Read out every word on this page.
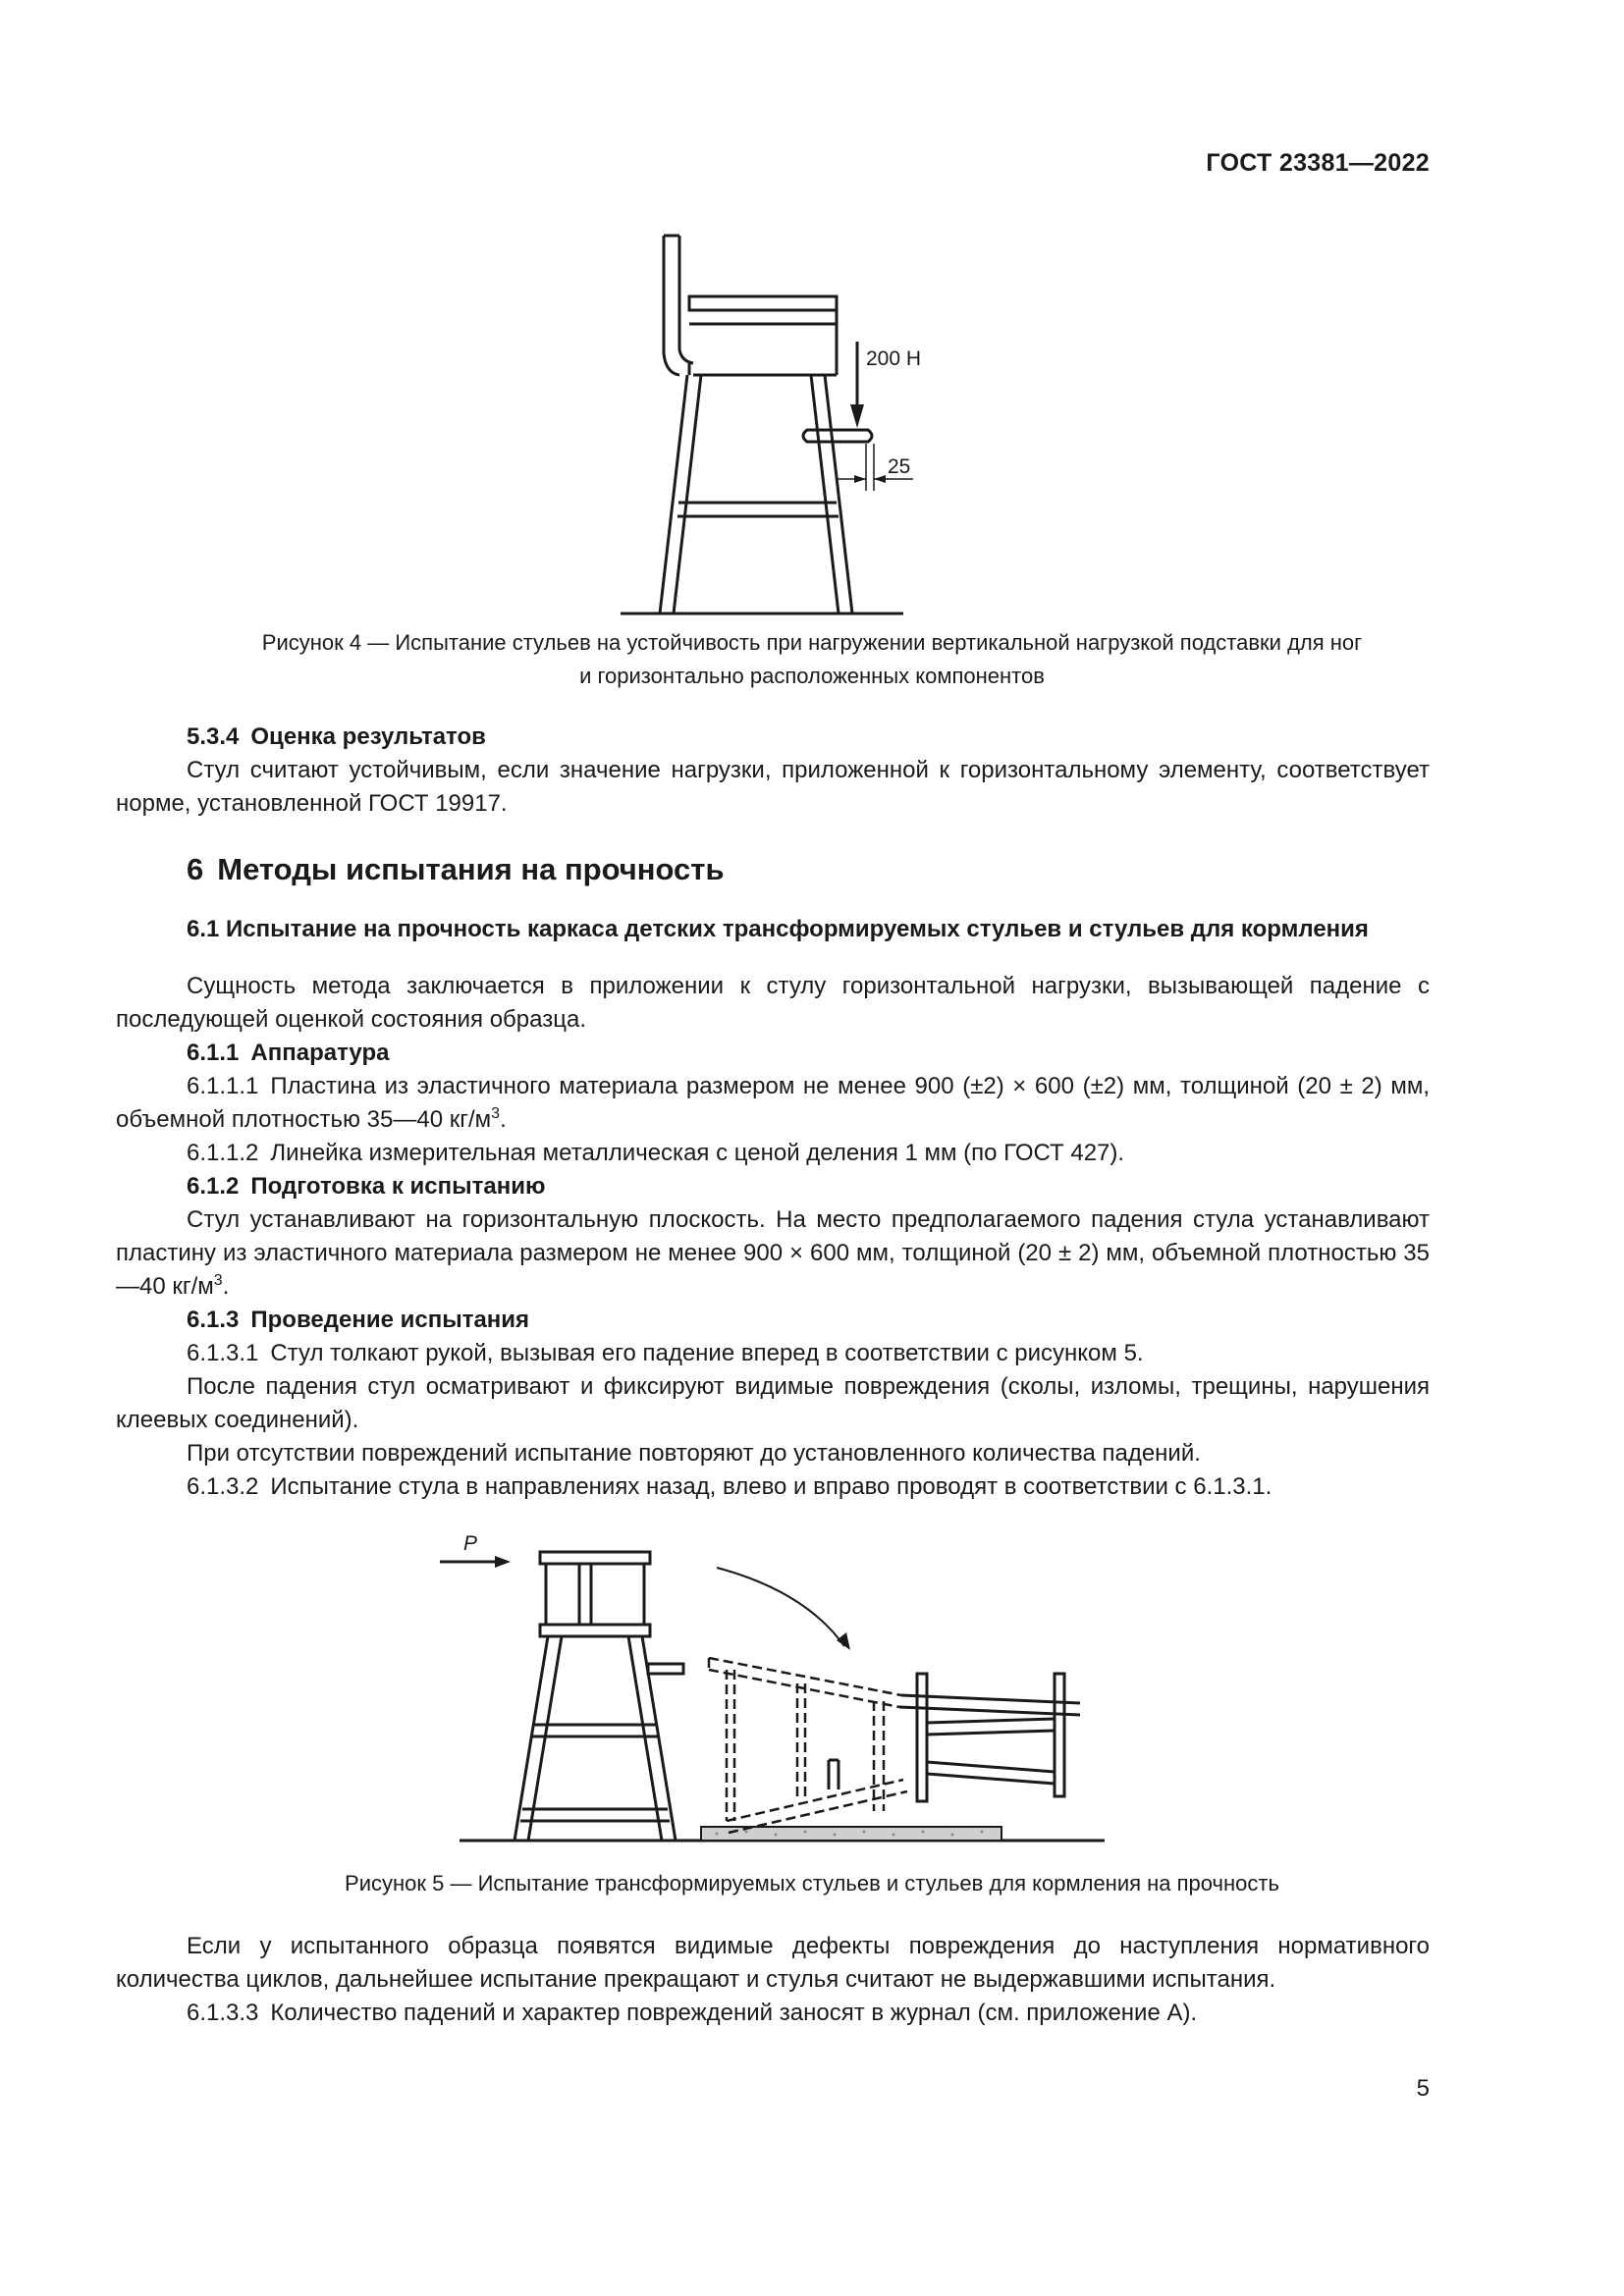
ГОСТ 23381—2022
200 Н
25
Рисунок 4 — Испытание стульев на устойчивость при нагружении вертикальной нагрузкой подставки для ног
и горизонтально расположенных компонентов

5.3.4 Оценка результатов

Стул считают устойчивым, если значение нагрузки, приложенной к горизонтальному элементу, соответствует норме, установленной ГОСТ 19917.

6 Методы испытания на прочность

6.1 Испытание на прочность каркаса детских трансформируемых стульев и стульев для кормления

Сущность метода заключается в приложении к стулу горизонтальной нагрузки, вызывающей падение с последующей оценкой состояния образца.

6.1.1 Аппаратура

6.1.1.1 Пластина из эластичного материала размером не менее 900 (±2) × 600 (±2) мм, толщиной (20 ± 2) мм, объемной плотностью 35—40 $кг/м^3$.

6.1.1.2 Линейка измерительная металлическая с ценой деления 1 мм (по ГОСТ 427).

6.1.2 Подготовка к испытанию

Стул устанавливают на горизонтальную плоскость. На место предполагаемого падения стула устанавливают пластину из эластичного материала размером не менее 900 × 600 мм, толщиной (20 ± 2) мм, объемной плотностью 35—40 $кг/м^3$.

6.1.3 Проведение испытания

6.1.3.1 Стул толкают рукой, вызывая его падение вперед в соответствии с рисунком 5.

После падения стул осматривают и фиксируют видимые повреждения (сколы, изломы, трещины, нарушения клеевых соединений).

При отсутствии повреждений испытание повторяют до установленного количества падений.

6.1.3.2 Испытание стула в направлениях назад, влево и вправо проводят в соответствии с 6.1.3.1.

P
Рисунок 5 — Испытание трансформируемых стульев и стульев для кормления на прочность

Если у испытанного образца появятся видимые дефекты повреждения до наступления нормативного количества циклов, дальнейшее испытание прекращают и стулья считают не выдержавшими испытания.

6.1.3.3 Количество падений и характер повреждений заносят в журнал (см. приложение А).

5
